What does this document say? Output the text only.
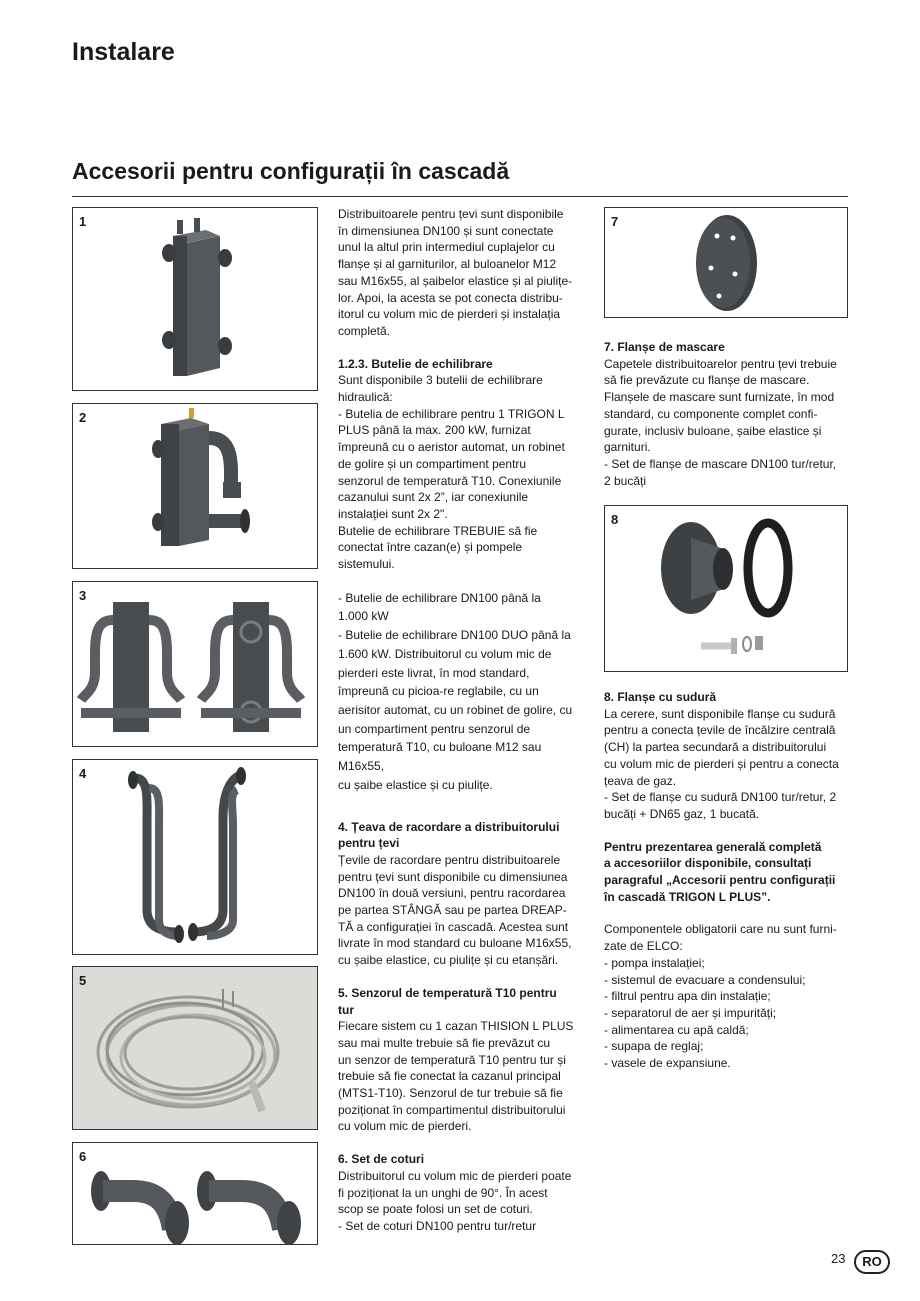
Instalare
Accesorii pentru configurații în cascadă
1
2
3
4
5
6
7
8

Distribuitoarele pentru țevi sunt disponibile
în dimensiunea DN100 și sunt conectate
unul la altul prin intermediul cuplajelor cu
flanșe și al garniturilor, al buloanelor M12
sau M16x55, al șaibelor elastice și al piulițe-
lor. Apoi, la acesta se pot conecta distribu-
itorul cu volum mic de pierderi și instalația
completă.

1.2.3. Butelie de echilibrare

Sunt disponibile 3 butelii de echilibrare
hidraulică:
- Butelia de echilibrare pentru 1 TRIGON L
PLUS până la max. 200 kW, furnizat
împreună cu o aeristor automat, un robinet
de golire și un compartiment pentru
senzorul de temperatură T10. Conexiunile
cazanului sunt 2x 2”, iar conexiunile
instalației sunt 2x 2".
Butelie de echilibrare TREBUIE să fie
conectat între cazan(e) și pompele
sistemului.

- Butelie de echilibrare DN100 până la
1.000 kW
- Butelie de echilibrare DN100 DUO până la
1.600 kW. Distribuitorul cu volum mic de
pierderi este livrat, în mod standard,
împreună cu picioa-re reglabile, cu un
aerisitor automat, cu un robinet de golire, cu
un compartiment pentru senzorul de
temperatură T10, cu buloane M12 sau
M16x55,
cu șaibe elastice și cu piulițe.

4. Țeava de racordare a distribuitorului
pentru țevi

Țevile de racordare pentru distribuitoarele
pentru țevi sunt disponibile cu dimensiunea
DN100 în două versiuni, pentru racordarea
pe partea STÂNGĂ sau pe partea DREAP-
TĂ a configurației în cascadă. Acestea sunt
livrate în mod standard cu buloane M16x55,
cu șaibe elastice, cu piulițe și cu etanșări.

5. Senzorul de temperatură T10 pentru
tur

Fiecare sistem cu 1 cazan THISION L PLUS
sau mai multe trebuie să fie prevăzut cu
un senzor de temperatură T10 pentru tur și
trebuie să fie conectat la cazanul principal
(MTS1-T10). Senzorul de tur trebuie să fie
poziționat în compartimentul distribuitorului
cu volum mic de pierderi.

6. Set de coturi

Distribuitorul cu volum mic de pierderi poate
fi poziționat la un unghi de 90°. În acest
scop se poate folosi un set de coturi.
- Set de coturi DN100 pentru tur/retur

7. Flanșe de mascare

Capetele distribuitoarelor pentru țevi trebuie
să fie prevăzute cu flanșe de mascare.
Flanșele de mascare sunt furnizate, în mod
standard, cu componente complet confi-
gurate, inclusiv buloane, șaibe elastice și
garnituri.
- Set de flanșe de mascare DN100 tur/retur,
2 bucăți

8. Flanșe cu sudură

La cerere, sunt disponibile flanșe cu sudură
pentru a conecta țevile de încălzire centrală
(CH) la partea secundară a distribuitorului
cu volum mic de pierderi și pentru a conecta
țeava de gaz.
- Set de flanșe cu sudură DN100 tur/retur, 2
bucăți + DN65 gaz, 1 bucată.

Pentru prezentarea generală completă
a accesoriilor disponibile, consultați
paragraful „Accesorii pentru configurații
în cascadă TRIGON L PLUS”.

Componentele obligatorii care nu sunt furni-
zate de ELCO:
- pompa instalației;
- sistemul de evacuare a condensului;
- filtrul pentru apa din instalație;
- separatorul de aer și impurități;
- alimentarea cu apă caldă;
- supapa de reglaj;
- vasele de expansiune.

23	RO
